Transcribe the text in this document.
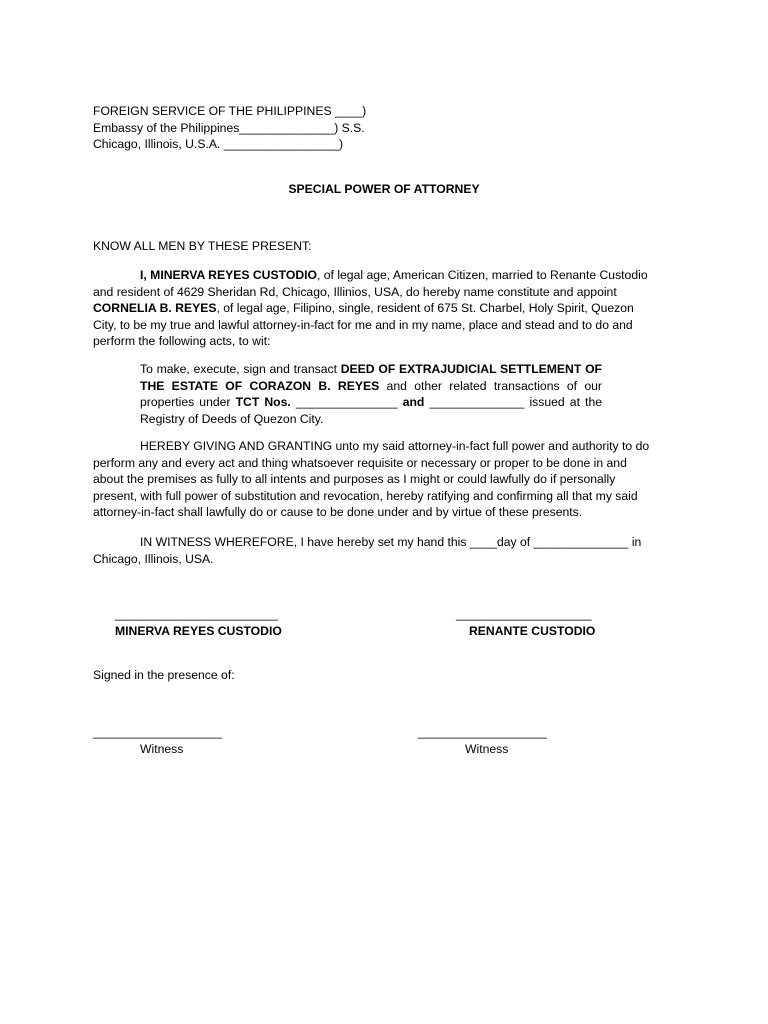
FOREIGN SERVICE OF THE PHILIPPINES ____)
Embassy of the Philippines______________) S.S.
Chicago, Illinois, U.S.A. _________________)
SPECIAL POWER OF ATTORNEY
KNOW ALL MEN BY THESE PRESENT:
I, MINERVA REYES CUSTODIO, of legal age, American Citizen, married to Renante Custodio and resident of 4629 Sheridan Rd, Chicago, Illinios, USA, do hereby name constitute and appoint CORNELIA B. REYES, of legal age, Filipino, single, resident of 675 St. Charbel, Holy Spirit, Quezon City, to be my true and lawful attorney-in-fact for me and in my name, place and stead and to do and perform the following acts, to wit:
To make, execute, sign and transact DEED OF EXTRAJUDICIAL SETTLEMENT OF THE ESTATE OF CORAZON B. REYES and other related transactions of our properties under TCT Nos. _______________ and ______________ issued at the Registry of Deeds of Quezon City.
HEREBY GIVING AND GRANTING unto my said attorney-in-fact full power and authority to do perform any and every act and thing whatsoever requisite or necessary or proper to be done in and about the premises as fully to all intents and purposes as I might or could lawfully do if personally present, with full power of substitution and revocation, hereby ratifying and confirming all that my said attorney-in-fact shall lawfully do or cause to be done under and by virtue of these presents.
IN WITNESS WHEREFORE, I have hereby set my hand this ____day of ______________ in Chicago, Illinois, USA.
________________________
MINERVA REYES CUSTODIO
____________________
RENANTE CUSTODIO
Signed in the presence of:
___________________
Witness
___________________
Witness
